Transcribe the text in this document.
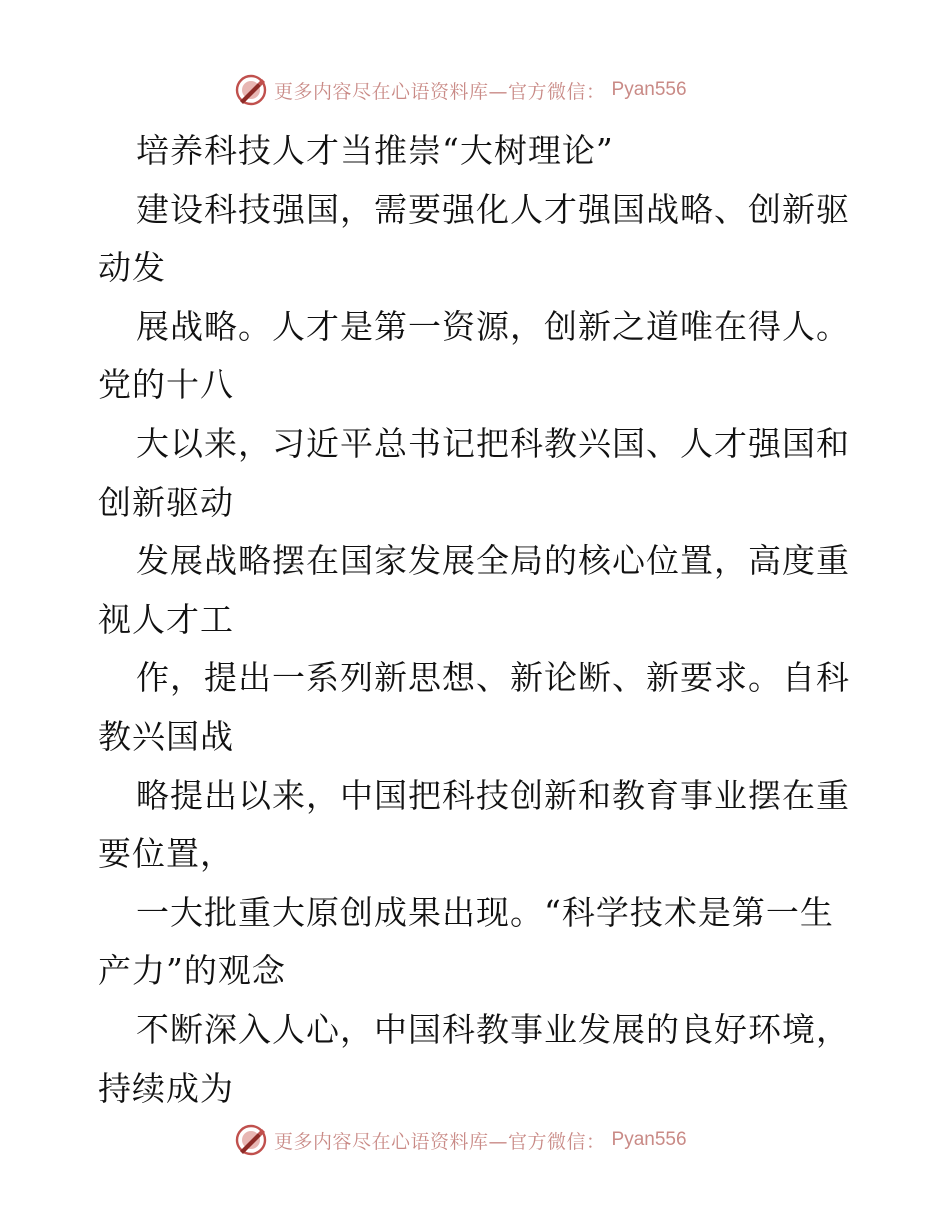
更多内容尽在心语资料库—官方微信： Pyan556
培养科技人才当推崇“大树理论”
建设科技强国，需要强化人才强国战略、创新驱
动发
展战略。人才是第一资源，创新之道唯在得人。
党的十八
大以来，习近平总书记把科教兴国、人才强国和
创新驱动
发展战略摆在国家发展全局的核心位置，高度重
视人才工
作，提出一系列新思想、新论断、新要求。自科
教兴国战
略提出以来，中国把科技创新和教育事业摆在重
要位置，
一大批重大原创成果出现。“科学技术是第一生
产力”的观念
不断深入人心，中国科教事业发展的良好环境，
持续成为
更多内容尽在心语资料库—官方微信： Pyan556
